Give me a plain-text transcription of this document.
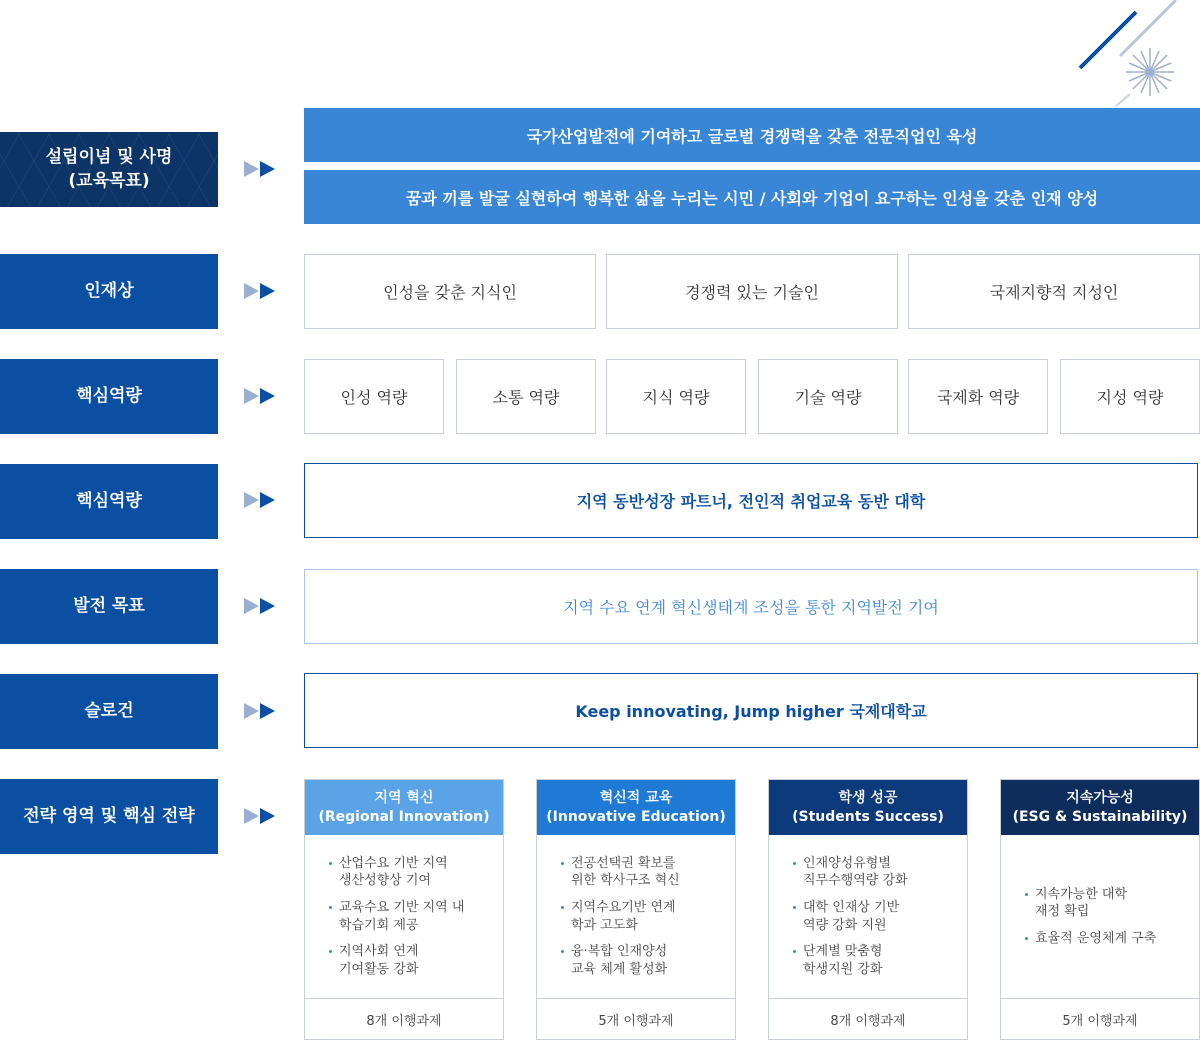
설립이념 및 사명
(교육목표)
국가산업발전에 기여하고 글로벌 경쟁력을 갖춘 전문직업인 육성
꿈과 끼를 발굴 실현하여 행복한 삶을 누리는 시민 / 사회와 기업이 요구하는 인성을 갖춘 인재 양성
인재상	인성을 갖춘 지식인	경쟁력 있는 기술인	국제지향적 지성인
핵심역량	인성 역량	소통 역량	지식 역량	기술 역량	국제화 역량	지성 역량
핵심역량	지역 동반성장 파트너, 전인적 취업교육 동반 대학
발전 목표	지역 수요 연계 혁신생태계 조성을 통한 지역발전 기여
슬로건	Keep innovating, Jump higher 국제대학교
전략 영역 및 핵심 전략
지역 혁신
(Regional Innovation)
산업수요 기반 지역
생산성향상 기여
교육수요 기반 지역 내
학습기회 제공
지역사회 연계
기여활동 강화
8개 이행과제
혁신적 교육
(Innovative Education)
전공선택권 확보를
위한 학사구조 혁신
지역수요기반 연계
학과 고도화
융·복합 인재양성
교육 체계 활성화
5개 이행과제
학생 성공
(Students Success)
인재양성유형별
직무수행역량 강화
대학 인재상 기반
역량 강화 지원
단계별 맞춤형
학생지원 강화
8개 이행과제
지속가능성
(ESG & Sustainability)
지속가능한 대학
재정 확립
효율적 운영체계 구축
5개 이행과제
